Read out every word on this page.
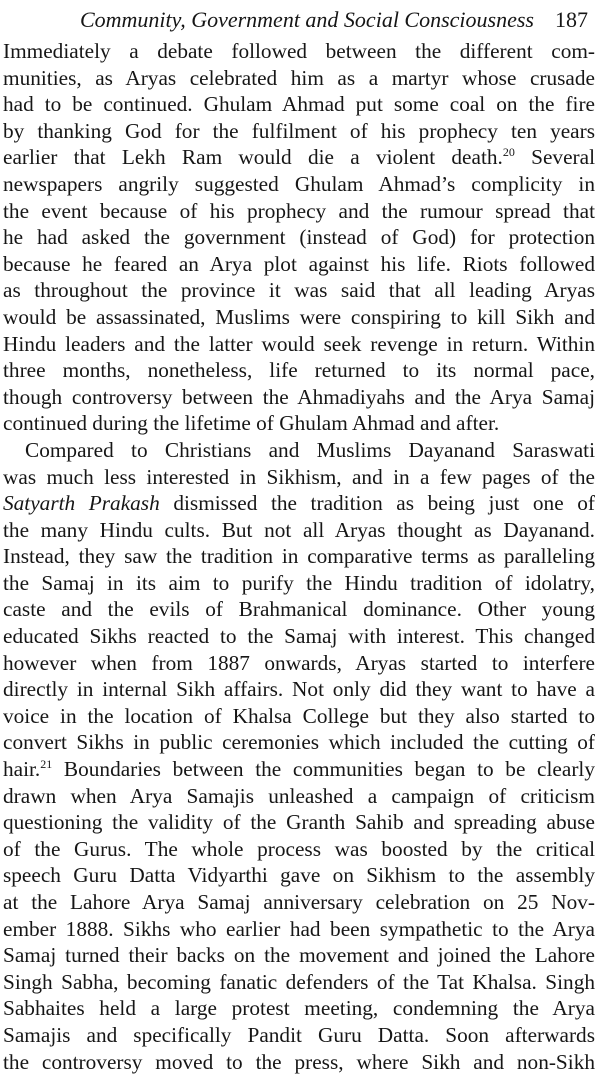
Community, Government and Social Consciousness 187
Immediately a debate followed between the different com-
munities, as Aryas celebrated him as a martyr whose crusade
had to be continued. Ghulam Ahmad put some coal on the fire
by thanking God for the fulfilment of his prophecy ten years
earlier that Lekh Ram would die a violent death.$^{20}$ Several
newspapers angrily suggested Ghulam Ahmad’s complicity in
the event because of his prophecy and the rumour spread that
he had asked the government (instead of God) for protection
because he feared an Arya plot against his life. Riots followed
as throughout the province it was said that all leading Aryas
would be assassinated, Muslims were conspiring to kill Sikh and
Hindu leaders and the latter would seek revenge in return. Within
three months, nonetheless, life returned to its normal pace,
though controversy between the Ahmadiyahs and the Arya Samaj
continued during the lifetime of Ghulam Ahmad and after.
Compared to Christians and Muslims Dayanand Saraswati
was much less interested in Sikhism, and in a few pages of the
Satyarth Prakash dismissed the tradition as being just one of
the many Hindu cults. But not all Aryas thought as Dayanand.
Instead, they saw the tradition in comparative terms as paralleling
the Samaj in its aim to purify the Hindu tradition of idolatry,
caste and the evils of Brahmanical dominance. Other young
educated Sikhs reacted to the Samaj with interest. This changed
however when from 1887 onwards, Aryas started to interfere
directly in internal Sikh affairs. Not only did they want to have a
voice in the location of Khalsa College but they also started to
convert Sikhs in public ceremonies which included the cutting of
hair.$^{21}$ Boundaries between the communities began to be clearly
drawn when Arya Samajis unleashed a campaign of criticism
questioning the validity of the Granth Sahib and spreading abuse
of the Gurus. The whole process was boosted by the critical
speech Guru Datta Vidyarthi gave on Sikhism to the assembly
at the Lahore Arya Samaj anniversary celebration on 25 Nov-
ember 1888. Sikhs who earlier had been sympathetic to the Arya
Samaj turned their backs on the movement and joined the Lahore
Singh Sabha, becoming fanatic defenders of the Tat Khalsa. Singh
Sabhaites held a large protest meeting, condemning the Arya
Samajis and specifically Pandit Guru Datta. Soon afterwards
the controversy moved to the press, where Sikh and non-Sikh
